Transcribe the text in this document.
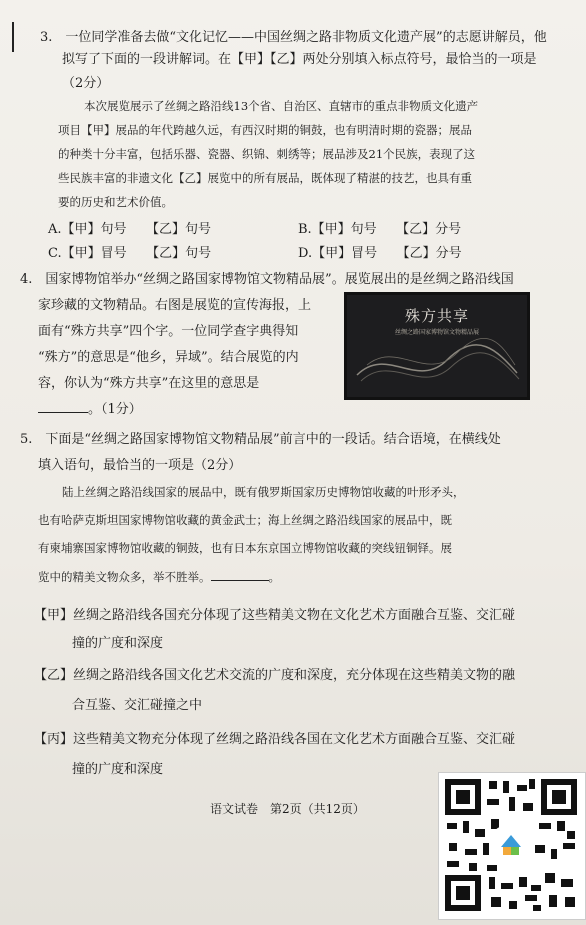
3.　一位同学准备去做“文化记忆——中国丝绸之路非物质文化遗产展”的志愿讲解员，他
拟写了下面的一段讲解词。在【甲】【乙】两处分别填入标点符号，最恰当的一项是
（2分）
本次展览展示了丝绸之路沿线13个省、自治区、直辖市的重点非物质文化遗产
项目【甲】展品的年代跨越久远，有西汉时期的铜鼓，也有明清时期的瓷器；展品
的种类十分丰富，包括乐器、瓷器、织锦、刺绣等；展品涉及21个民族，表现了这
些民族丰富的非遗文化【乙】展览中的所有展品，既体现了精湛的技艺，也具有重
要的历史和艺术价值。
A.【甲】句号　　【乙】句号	B.【甲】句号　　【乙】分号
C.【甲】冒号　　【乙】句号	D.【甲】冒号　　【乙】分号
4.　国家博物馆举办“丝绸之路国家博物馆文物精品展”。展览展出的是丝绸之路沿线国
家珍藏的文物精品。右图是展览的宣传海报，上
面有“殊方共享”四个字。一位同学查字典得知
“殊方”的意思是“他乡，异域”。结合展览的内
容，你认为“殊方共享”在这里的意思是
。（1分）
殊方共享
丝绸之路国家博物馆文物精品展
5.　下面是“丝绸之路国家博物馆文物精品展”前言中的一段话。结合语境，在横线处
填入语句，最恰当的一项是（2分）
陆上丝绸之路沿线国家的展品中，既有俄罗斯国家历史博物馆收藏的叶形矛头，
也有哈萨克斯坦国家博物馆收藏的黄金武士；海上丝绸之路沿线国家的展品中，既
有柬埔寨国家博物馆收藏的铜鼓，也有日本东京国立博物馆收藏的突线钮铜铎。展
览中的精美文物众多，举不胜举。	。
【甲】丝绸之路沿线各国充分体现了这些精美文物在文化艺术方面融合互鉴、交汇碰
撞的广度和深度
【乙】丝绸之路沿线各国文化艺术交流的广度和深度，充分体现在这些精美文物的融
合互鉴、交汇碰撞之中
【丙】这些精美文物充分体现了丝绸之路沿线各国在文化艺术方面融合互鉴、交汇碰
撞的广度和深度
语文试卷　第2页（共12页）
